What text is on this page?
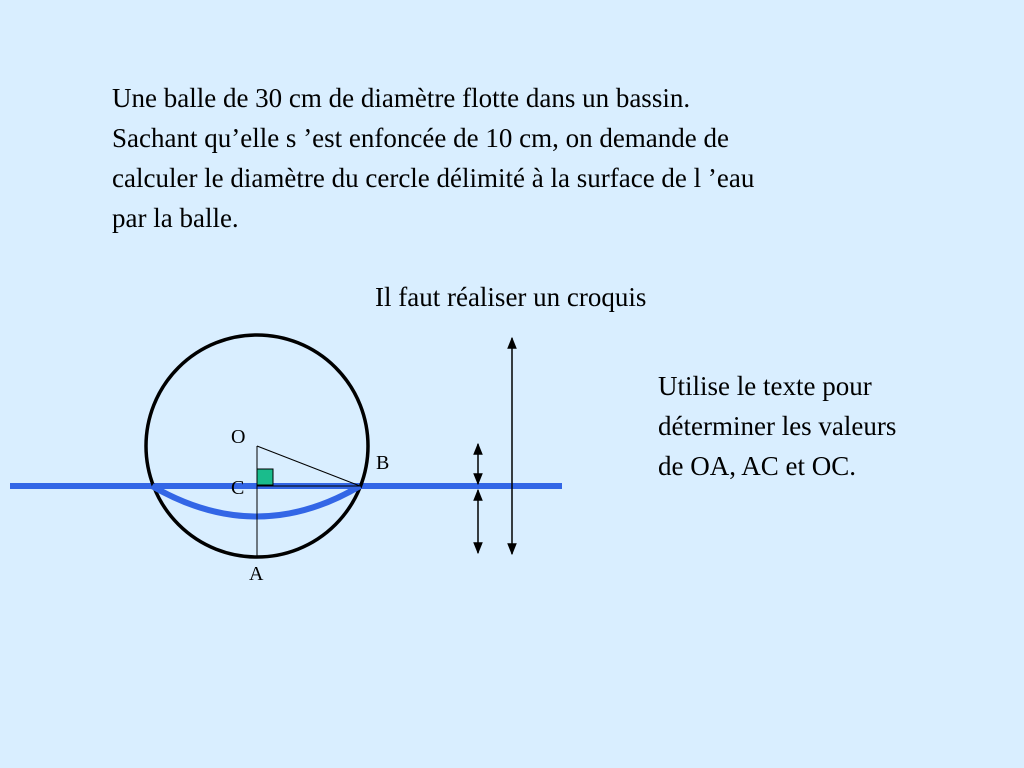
Une balle de 30 cm de diamètre flotte dans un bassin.
Sachant qu’elle s ’est enfoncée de 10 cm, on demande de
calculer le diamètre du cercle délimité à la surface de l ’eau
par la balle.
Il faut réaliser un croquis
Utilise le texte pour
déterminer les valeurs
de OA, AC et OC.
O
B
C
A
